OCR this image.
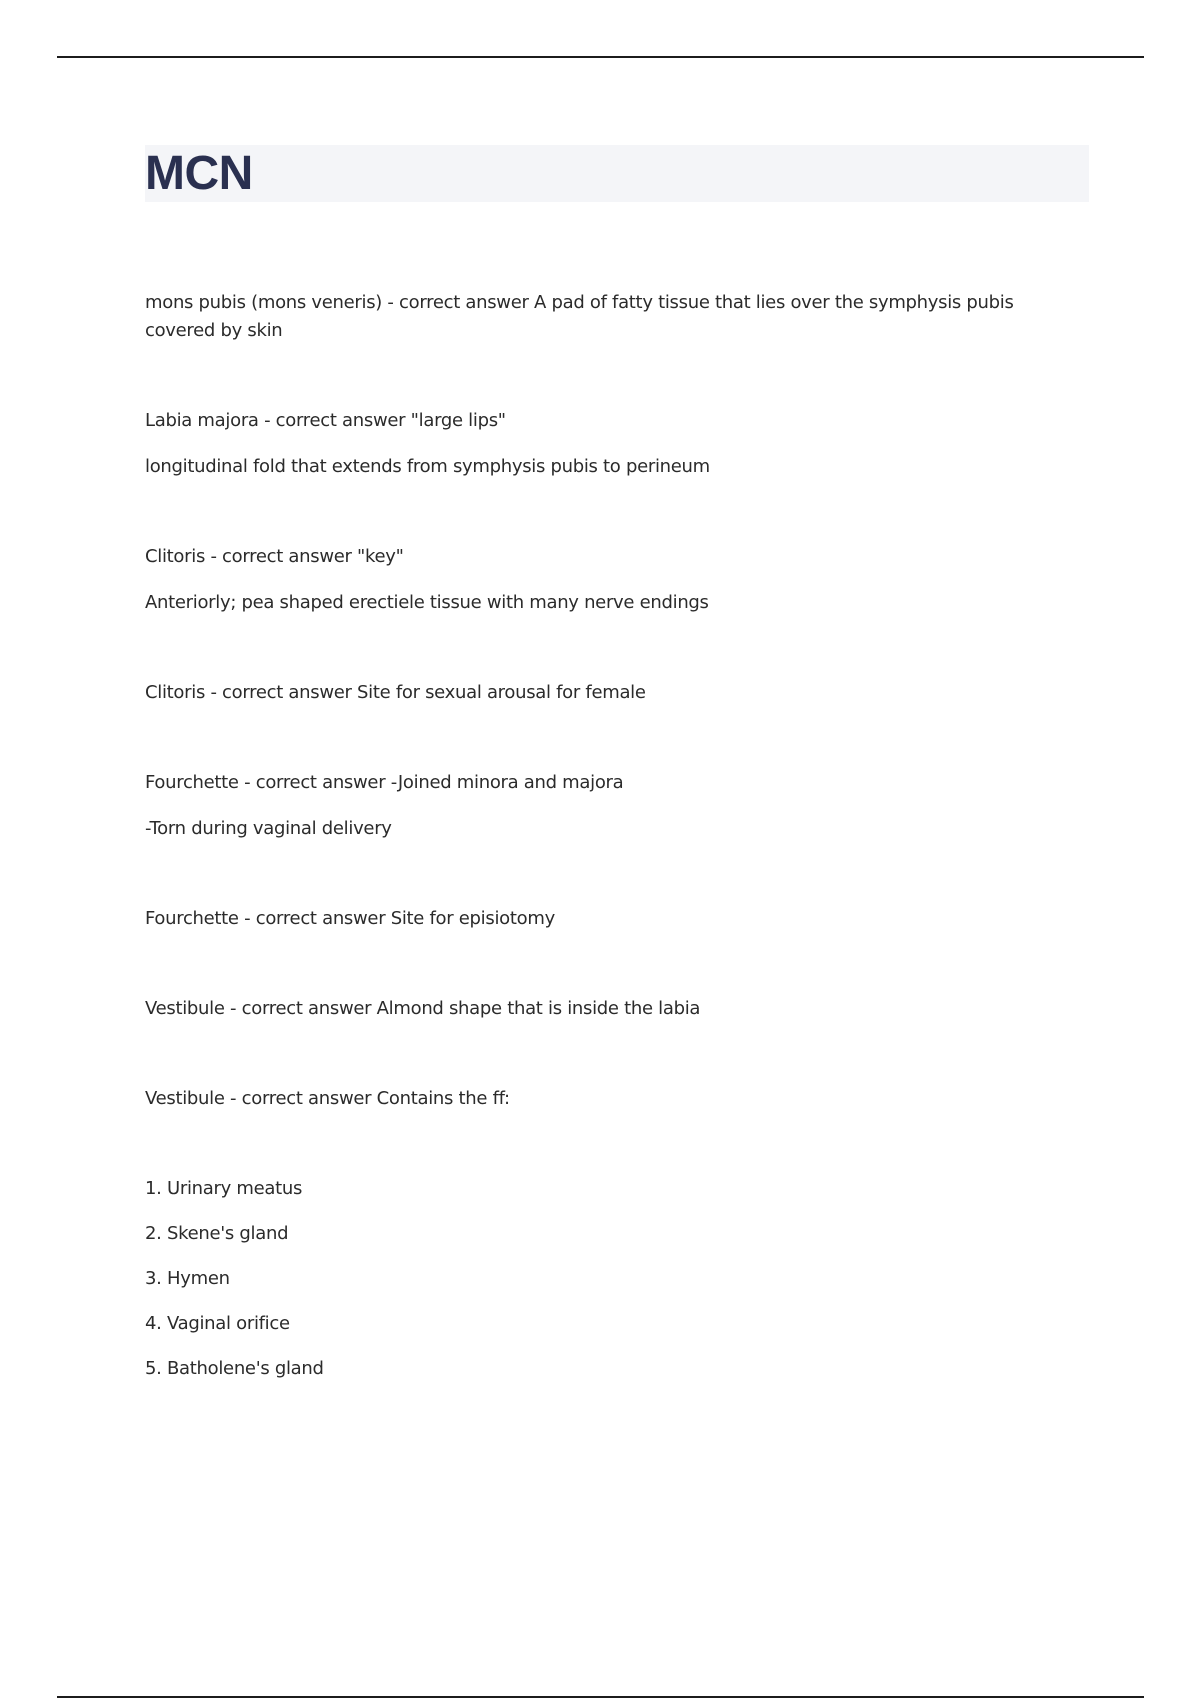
MCN

mons pubis (mons veneris) - correct answer A pad of fatty tissue that lies over the symphysis pubis

covered by skin

Labia majora - correct answer "large lips"

longitudinal fold that extends from symphysis pubis to perineum

Clitoris - correct answer "key"

Anteriorly; pea shaped erectiele tissue with many nerve endings

Clitoris - correct answer Site for sexual arousal for female

Fourchette - correct answer -Joined minora and majora

-Torn during vaginal delivery

Fourchette - correct answer Site for episiotomy

Vestibule - correct answer Almond shape that is inside the labia

Vestibule - correct answer Contains the ff:

1. Urinary meatus

2. Skene's gland

3. Hymen

4. Vaginal orifice

5. Batholene's gland
